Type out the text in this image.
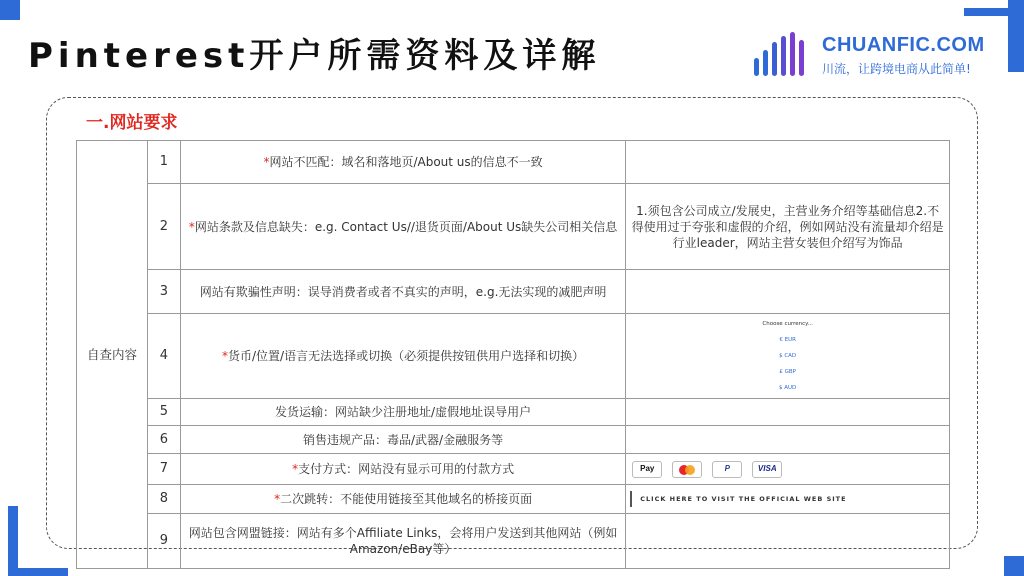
Pinterest开户所需资料及详解	CHUANFIC.COM
川流，让跨境电商从此简单!
一.网站要求
自查内容	1	*网站不匹配：域名和落地页/About us的信息不一致	
	2	*网站条款及信息缺失：e.g. Contact Us//退货页面/About Us缺失公司相关信息	1.须包含公司成立/发展史，主营业务介绍等基础信息2.不得使用过于夸张和虚假的介绍，例如网站没有流量却介绍是行业leader，网站主营女装但介绍写为饰品
	3	网站有欺骗性声明：误导消费者或者不真实的声明，e.g.无法实现的减肥声明	
	4	*货币/位置/语言无法选择或切换（必须提供按钮供用户选择和切换）	Choose currency...
€ EUR
$ CAD
£ GBP
$ AUD

	5	发货运输：网站缺少注册地址/虚假地址误导用户	
	6	销售违规产品：毒品/武器/金融服务等	
	7	*支付方式：网站没有显示可用的付款方式	Pay P VISA

	8	*二次跳转：不能使用链接至其他域名的桥接页面	CLICK HERE TO VISIT THE OFFICIAL WEB SITE

	9	网站包含网盟链接：网站有多个Affiliate Links，会将用户发送到其他网站（例如Amazon/eBay等）	
